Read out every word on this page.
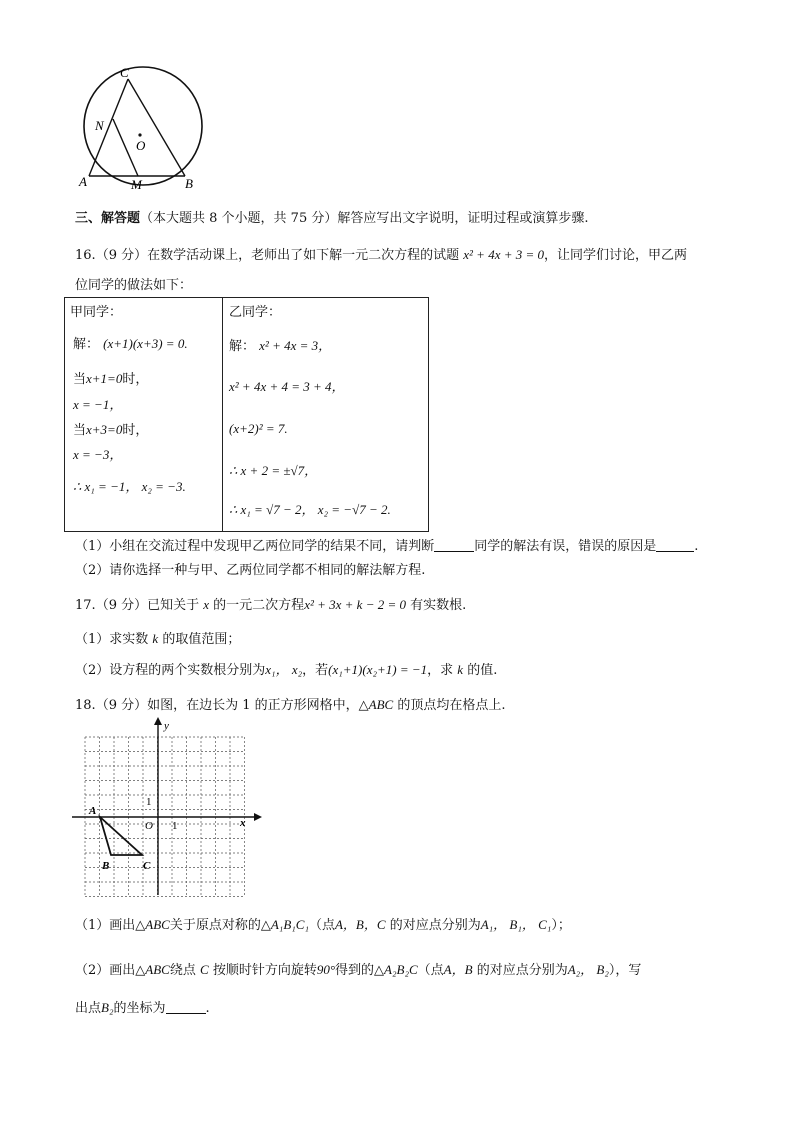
C
N
O
A	M	B
三、解答题（本大题共 8 个小题，共 75 分）解答应写出文字说明，证明过程或演算步骤.
16.（9 分）在数学活动课上，老师出了如下解一元二次方程的试题 x² + 4x + 3 = 0，让同学们讨论，甲乙两
位同学的做法如下：
甲同学：
解： (x+1)(x+3) = 0.
当x+1=0时，
x = −1，
当x+3=0时，
x = −3，
∴ x₁ = −1， x₂ = −3.
乙同学：
解： x² + 4x = 3，
x² + 4x + 4 = 3 + 4，
(x+2)² = 7.
∴ x + 2 = ±√7，
∴ x₁ = √7 − 2， x₂ = −√7 − 2.
（1）小组在交流过程中发现甲乙两位同学的结果不同，请判断	同学的解法有误，错误的原因是	.
（2）请你选择一种与甲、乙两位同学都不相同的解法解方程.
17.（9 分）已知关于 x 的一元二次方程x² + 3x + k − 2 = 0 有实数根.
（1）求实数 k 的取值范围；
（2）设方程的两个实数根分别为x₁， x₂，若(x₁+1)(x₂+1) = −1，求 k 的值.
18.（9 分）如图，在边长为 1 的正方形网格中，△ABC 的顶点均在格点上.
y
x
1
1
O
A
B	C
（1）画出△ABC关于原点对称的△A₁B₁C₁（点A，B，C 的对应点分别为A₁， B₁， C₁）；
（2）画出△ABC绕点 C 按顺时针方向旋转90°得到的△A₂B₂C（点A，B 的对应点分别为A₂， B₂），写
出点B₂的坐标为	.
